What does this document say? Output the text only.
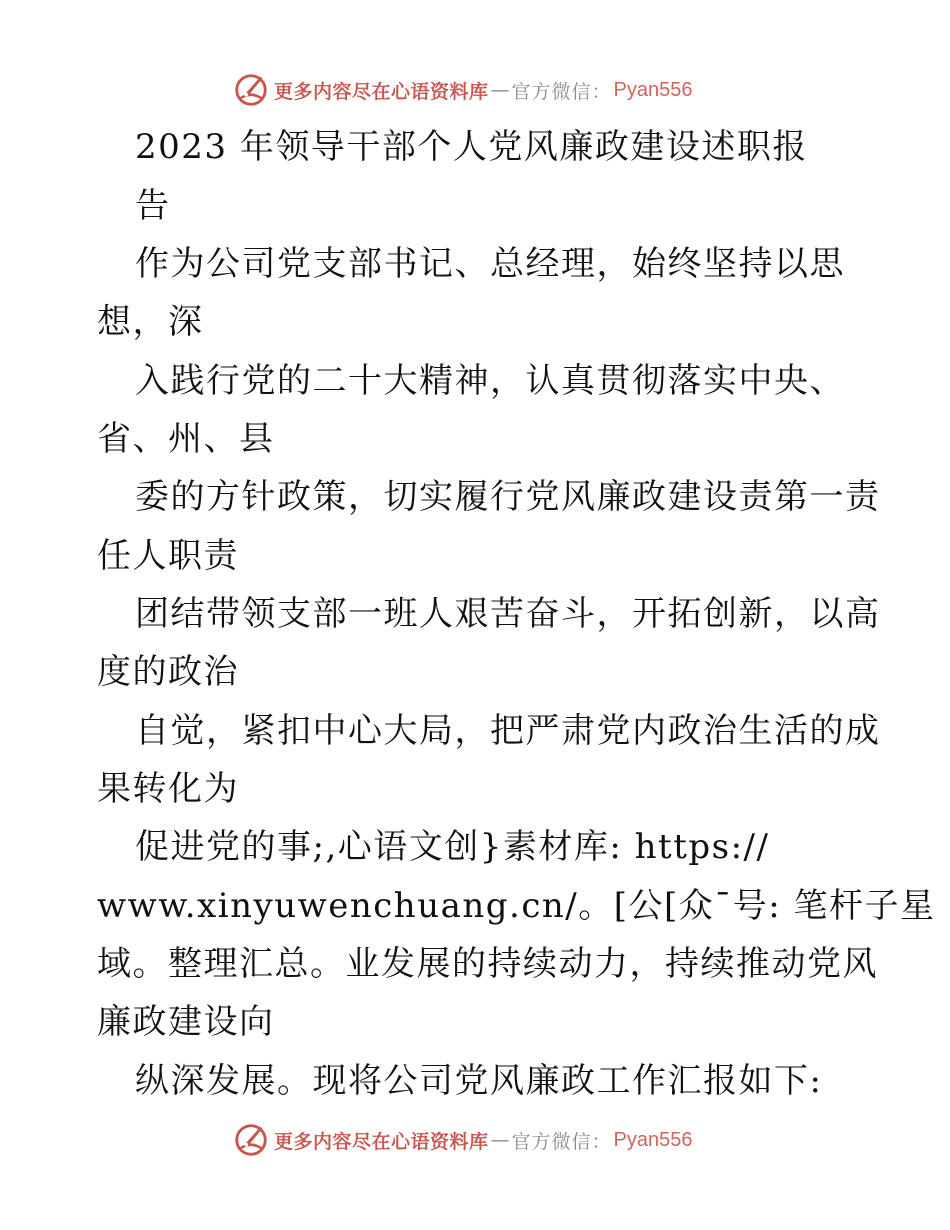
更多内容尽在心语资料库 — 官方微信： Pyan556
2023 年领导干部个人党风廉政建设述职报
告
作为公司党支部书记、总经理，始终坚持以思
想，深
入践行党的二十大精神，认真贯彻落实中央、
省、州、县
委的方针政策，切实履行党风廉政建设责第一责
任人职责
团结带领支部一班人艰苦奋斗，开拓创新，以高
度的政治
自觉，紧扣中心大局，把严肃党内政治生活的成
果转化为
促进党的事;,心语文创}素材库: https://
www.xinyuwenchuang.cn/。[公[众¯号: 笔杆子星
域。整理汇总。业发展的持续动力，持续推动党风
廉政建设向
纵深发展。现将公司党风廉政工作汇报如下:
更多内容尽在心语资料库 — 官方微信： Pyan556
